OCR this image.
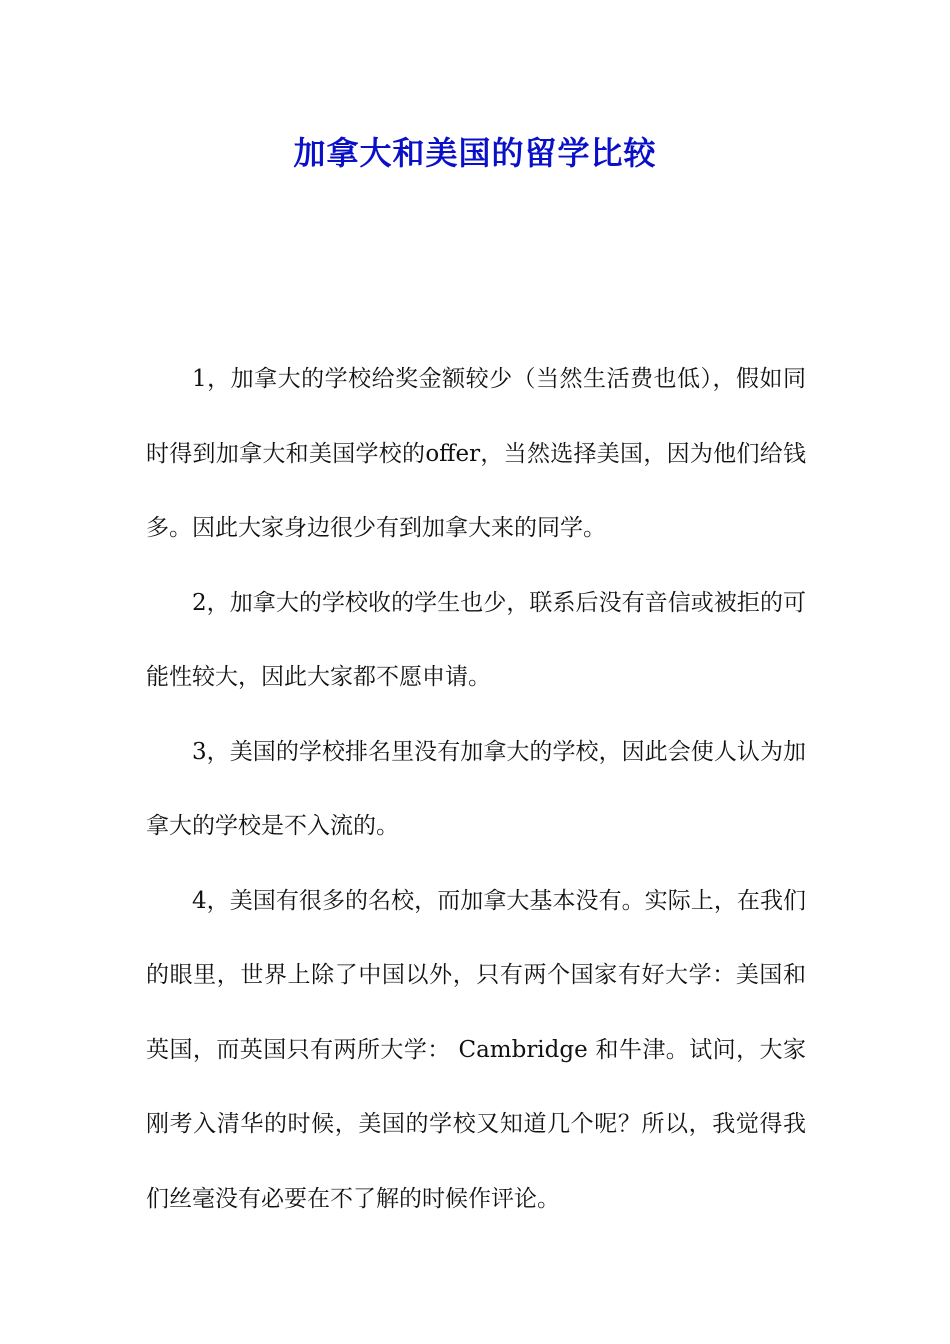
加拿大和美国的留学比较

1，加拿大的学校给奖金额较少（当然生活费也低），假如同时得到加拿大和美国学校的offer，当然选择美国，因为他们给钱多。因此大家身边很少有到加拿大来的同学。

2，加拿大的学校收的学生也少，联系后没有音信或被拒的可能性较大，因此大家都不愿申请。

3，美国的学校排名里没有加拿大的学校，因此会使人认为加拿大的学校是不入流的。

4，美国有很多的名校，而加拿大基本没有。实际上，在我们的眼里，世界上除了中国以外，只有两个国家有好大学：美国和英国，而英国只有两所大学： Cambridge 和牛津。试问，大家刚考入清华的时候，美国的学校又知道几个呢？所以，我觉得我们丝毫没有必要在不了解的时候作评论。
